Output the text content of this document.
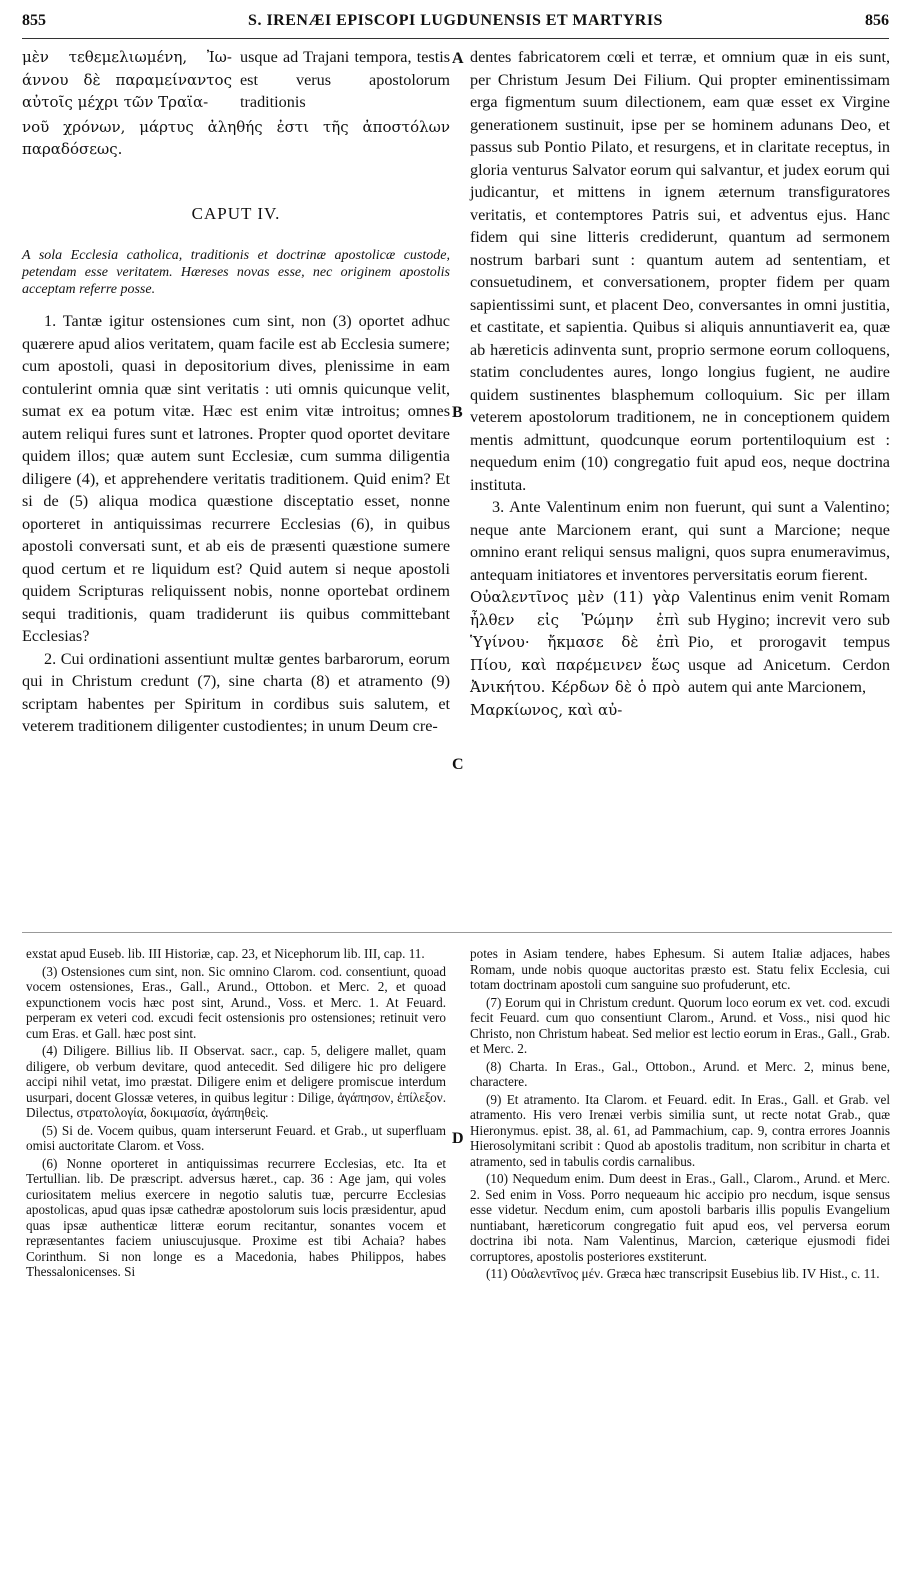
855	S. IRENÆI EPISCOPI LUGDUNENSIS ET MARTYRIS	856
μὲν τεθεμελιωμένη, Ἰω-άννου δὲ παραμείναντος αὐτοῖς μέχρι τῶν Τραϊα-
usque ad Trajani tempora, testis est verus apostolorum traditionis

νοῦ χρόνων, μάρτυς ἀληθής ἐστι τῆς ἀποστόλων παραδόσεως.

CAPUT IV.

A sola Ecclesia catholica, traditionis et doctrinæ apostolicæ custode, petendam esse veritatem. Hæreses novas esse, nec originem apostolis acceptam referre posse.

1. Tantæ igitur ostensiones cum sint, non (3) oportet adhuc quærere apud alios veritatem, quam facile est ab Ecclesia sumere; cum apostoli, quasi in depositorium dives, plenissime in eam contulerint omnia quæ sint veritatis : uti omnis quicunque velit, sumat ex ea potum vitæ. Hæc est enim vitæ introitus; omnes autem reliqui fures sunt et latrones. Propter quod oportet devitare quidem illos; quæ autem sunt Ecclesiæ, cum summa diligentia diligere (4), et apprehendere veritatis traditionem. Quid enim? Et si de (5) aliqua modica quæstione disceptatio esset, nonne oporteret in antiquissimas recurrere Ecclesias (6), in quibus apostoli conversati sunt, et ab eis de præsenti quæstione sumere quod certum et re liquidum est? Quid autem si neque apostoli quidem Scripturas reliquissent nobis, nonne oportebat ordinem sequi traditionis, quam tradiderunt iis quibus committebant Ecclesias?

2. Cui ordinationi assentiunt multæ gentes barbarorum, eorum qui in Christum credunt (7), sine charta (8) et atramento (9) scriptam habentes per Spiritum in cordibus suis salutem, et veterem traditionem diligenter custodientes; in unum Deum cre-

dentes fabricatorem cœli et terræ, et omnium quæ in eis sunt, per Christum Jesum Dei Filium. Qui propter eminentissimam erga figmentum suum dilectionem, eam quæ esset ex Virgine generationem sustinuit, ipse per se hominem adunans Deo, et passus sub Pontio Pilato, et resurgens, et in claritate receptus, in gloria venturus Salvator eorum qui salvantur, et judex eorum qui judicantur, et mittens in ignem æternum transfiguratores veritatis, et contemptores Patris sui, et adventus ejus. Hanc fidem qui sine litteris crediderunt, quantum ad sermonem nostrum barbari sunt : quantum autem ad sententiam, et consuetudinem, et conversationem, propter fidem per quam sapientissimi sunt, et placent Deo, conversantes in omni justitia, et castitate, et sapientia. Quibus si aliquis annuntiaverit ea, quæ ab hæreticis adinventa sunt, proprio sermone eorum colloquens, statim concludentes aures, longo longius fugient, ne audire quidem sustinentes blasphemum colloquium. Sic per illam veterem apostolorum traditionem, ne in conceptionem quidem mentis admittunt, quodcunque eorum portentiloquium est : nequedum enim (10) congregatio fuit apud eos, neque doctrina instituta.

3. Ante Valentinum enim non fuerunt, qui sunt a Valentino; neque ante Marcionem erant, qui sunt a Marcione; neque omnino erant reliqui sensus maligni, quos supra enumeravimus, antequam initiatores et inventores perversitatis eorum fierent.

Οὐαλεντῖνος μὲν (11) γὰρ ἦλθεν εἰς Ῥώμην ἐπὶ Ὑγίνου· ἤκμασε δὲ ἐπὶ Πίου, καὶ παρέμεινεν ἕως Ἀνικήτου. Κέρδων δὲ ὁ πρὸ Μαρκίωνος, καὶ αὐ-
Valentinus enim venit Romam sub Hygino; increvit vero sub Pio, et prorogavit tempus usque ad Anicetum. Cerdon autem qui ante Marcionem,
A
B
C
D

exstat apud Euseb. lib. III Historiæ, cap. 23, et Nicephorum lib. III, cap. 11.

(3) Ostensiones cum sint, non. Sic omnino Clarom. cod. consentiunt, quoad vocem ostensiones, Eras., Gall., Arund., Ottobon. et Merc. 2, et quoad expunctionem vocis hæc post sint, Arund., Voss. et Merc. 1. At Feuard. perperam ex veteri cod. excudi fecit ostensionis pro ostensiones; retinuit vero cum Eras. et Gall. hæc post sint.

(4) Diligere. Billius lib. II Observat. sacr., cap. 5, deligere mallet, quam diligere, ob verbum devitare, quod antecedit. Sed diligere hic pro deligere accipi nihil vetat, imo præstat. Diligere enim et deligere promiscue interdum usurpari, docent Glossæ veteres, in quibus legitur : Dilige, ἀγάπησον, ἐπίλεξον. Dilectus, στρατολογία, δοκιμασία, ἀγάπηθεὶς.

(5) Si de. Vocem quibus, quam interserunt Feuard. et Grab., ut superfluam omisi auctoritate Clarom. et Voss.

(6) Nonne oporteret in antiquissimas recurrere Ecclesias, etc. Ita et Tertullian. lib. De præscript. adversus hæret., cap. 36 : Age jam, qui voles curiositatem melius exercere in negotio salutis tuæ, percurre Ecclesias apostolicas, apud quas ipsæ cathedræ apostolorum suis locis præsidentur, apud quas ipsæ authenticæ litteræ eorum recitantur, sonantes vocem et repræsentantes faciem uniuscujusque. Proxime est tibi Achaia? habes Corinthum. Si non longe es a Macedonia, habes Philippos, habes Thessalonicenses. Si

potes in Asiam tendere, habes Ephesum. Si autem Italiæ adjaces, habes Romam, unde nobis quoque auctoritas præsto est. Statu felix Ecclesia, cui totam doctrinam apostoli cum sanguine suo profuderunt, etc.

(7) Eorum qui in Christum credunt. Quorum loco eorum ex vet. cod. excudi fecit Feuard. cum quo consentiunt Clarom., Arund. et Voss., nisi quod hic Christo, non Christum habeat. Sed melior est lectio eorum in Eras., Gall., Grab. et Merc. 2.

(8) Charta. In Eras., Gal., Ottobon., Arund. et Merc. 2, minus bene, charactere.

(9) Et atramento. Ita Clarom. et Feuard. edit. In Eras., Gall. et Grab. vel atramento. His vero Irenæi verbis similia sunt, ut recte notat Grab., quæ Hieronymus. epist. 38, al. 61, ad Pammachium, cap. 9, contra errores Joannis Hierosolymitani scribit : Quod ab apostolis traditum, non scribitur in charta et atramento, sed in tabulis cordis carnalibus.

(10) Nequedum enim. Dum deest in Eras., Gall., Clarom., Arund. et Merc. 2. Sed enim in Voss. Porro nequeaum hic accipio pro necdum, isque sensus esse videtur. Necdum enim, cum apostoli barbaris illis populis Evangelium nuntiabant, hæreticorum congregatio fuit apud eos, vel perversa eorum doctrina ibi nota. Nam Valentinus, Marcion, cæterique ejusmodi fidei corruptores, apostolis posteriores exstiterunt.

(11) Οὐαλεντῖνος μέν. Græca hæc transcripsit Eusebius lib. IV Hist., c. 11.
